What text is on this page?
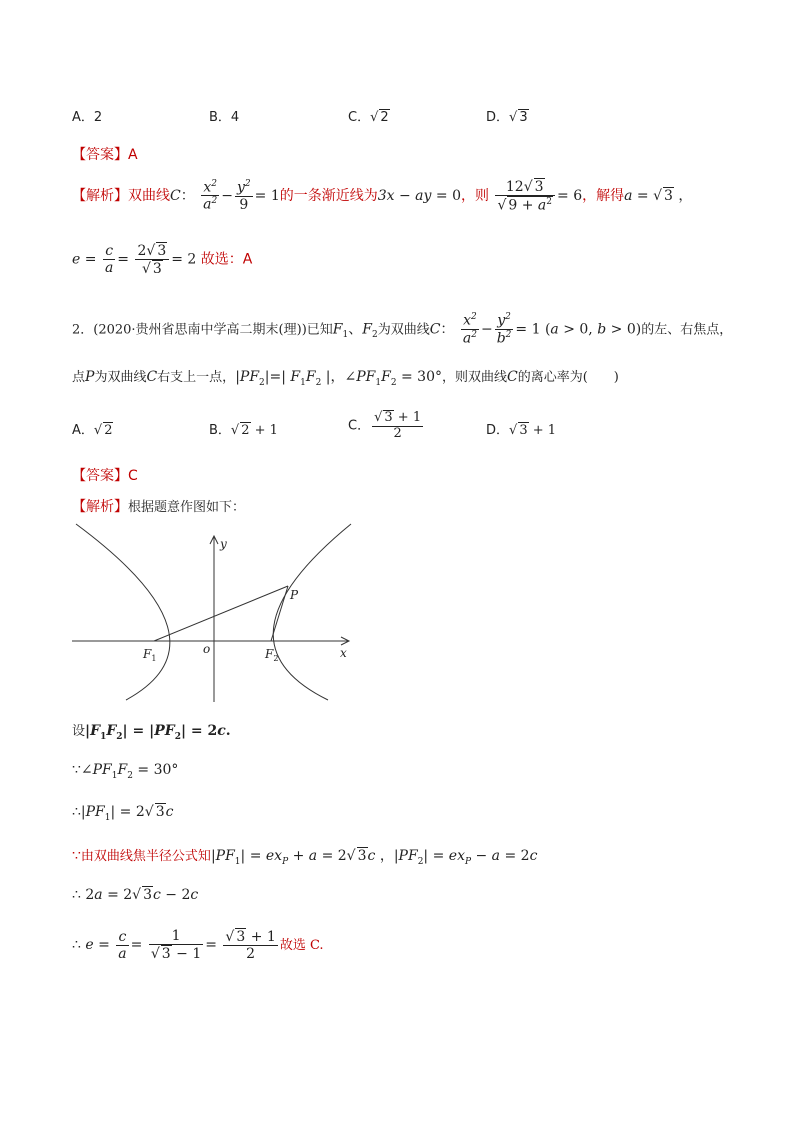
A．2	B．4	C．√ 2	D．√ 3
【答案】A
【解析】双曲线C： $\frac{x^2}{a^2} - \frac{y^2}{9} = 1$的一条渐近线为3x − ay = 0，则 $\frac{12√ 3}{√ 9 + a^2} = 6$，解得a = √ 3 ，
$e = \frac{c}{a} = \frac{2√ 3}{√ 3} = 2$ 故选：A
2．(2020·贵州省思南中学高二期末(理))已知$F_1$、$F_2$为双曲线C： $\frac{x^2}{a^2} - \frac{y^2}{b^2} = 1$ (a > 0, b > 0)的左、右焦点，
点P为双曲线C右支上一点，$|PF_2|=|$ $F_1F_2$ |，$\angle PF_1F_2 = 30^\circ$，则双曲线C的离心率为(　　)
A．√ 2	B．√ 2 + 1	C． $\frac{√ 3 + 1}{2}$	D．√ 3 + 1
【答案】C
【解析】根据题意作图如下：
y
x
o
P
$F_1$	$F_2$
设$|F_1F_2| = |PF_2| = 2c$.
$\because\angle PF_1F_2 = 30^\circ$
$\therefore|PF_1| = 2√$ 3c
∵由双曲线焦半径公式知$|PF_1| = ex_P + a = 2√$ 3c ，$|PF_2| = ex_P - a = 2c$
∴ 2a = 2√ 3c − 2c
∴ $e = \frac{c}{a} = \frac{1}{√ 3 - 1} = \frac{√ 3 + 1}{2}$ 故选 C.
